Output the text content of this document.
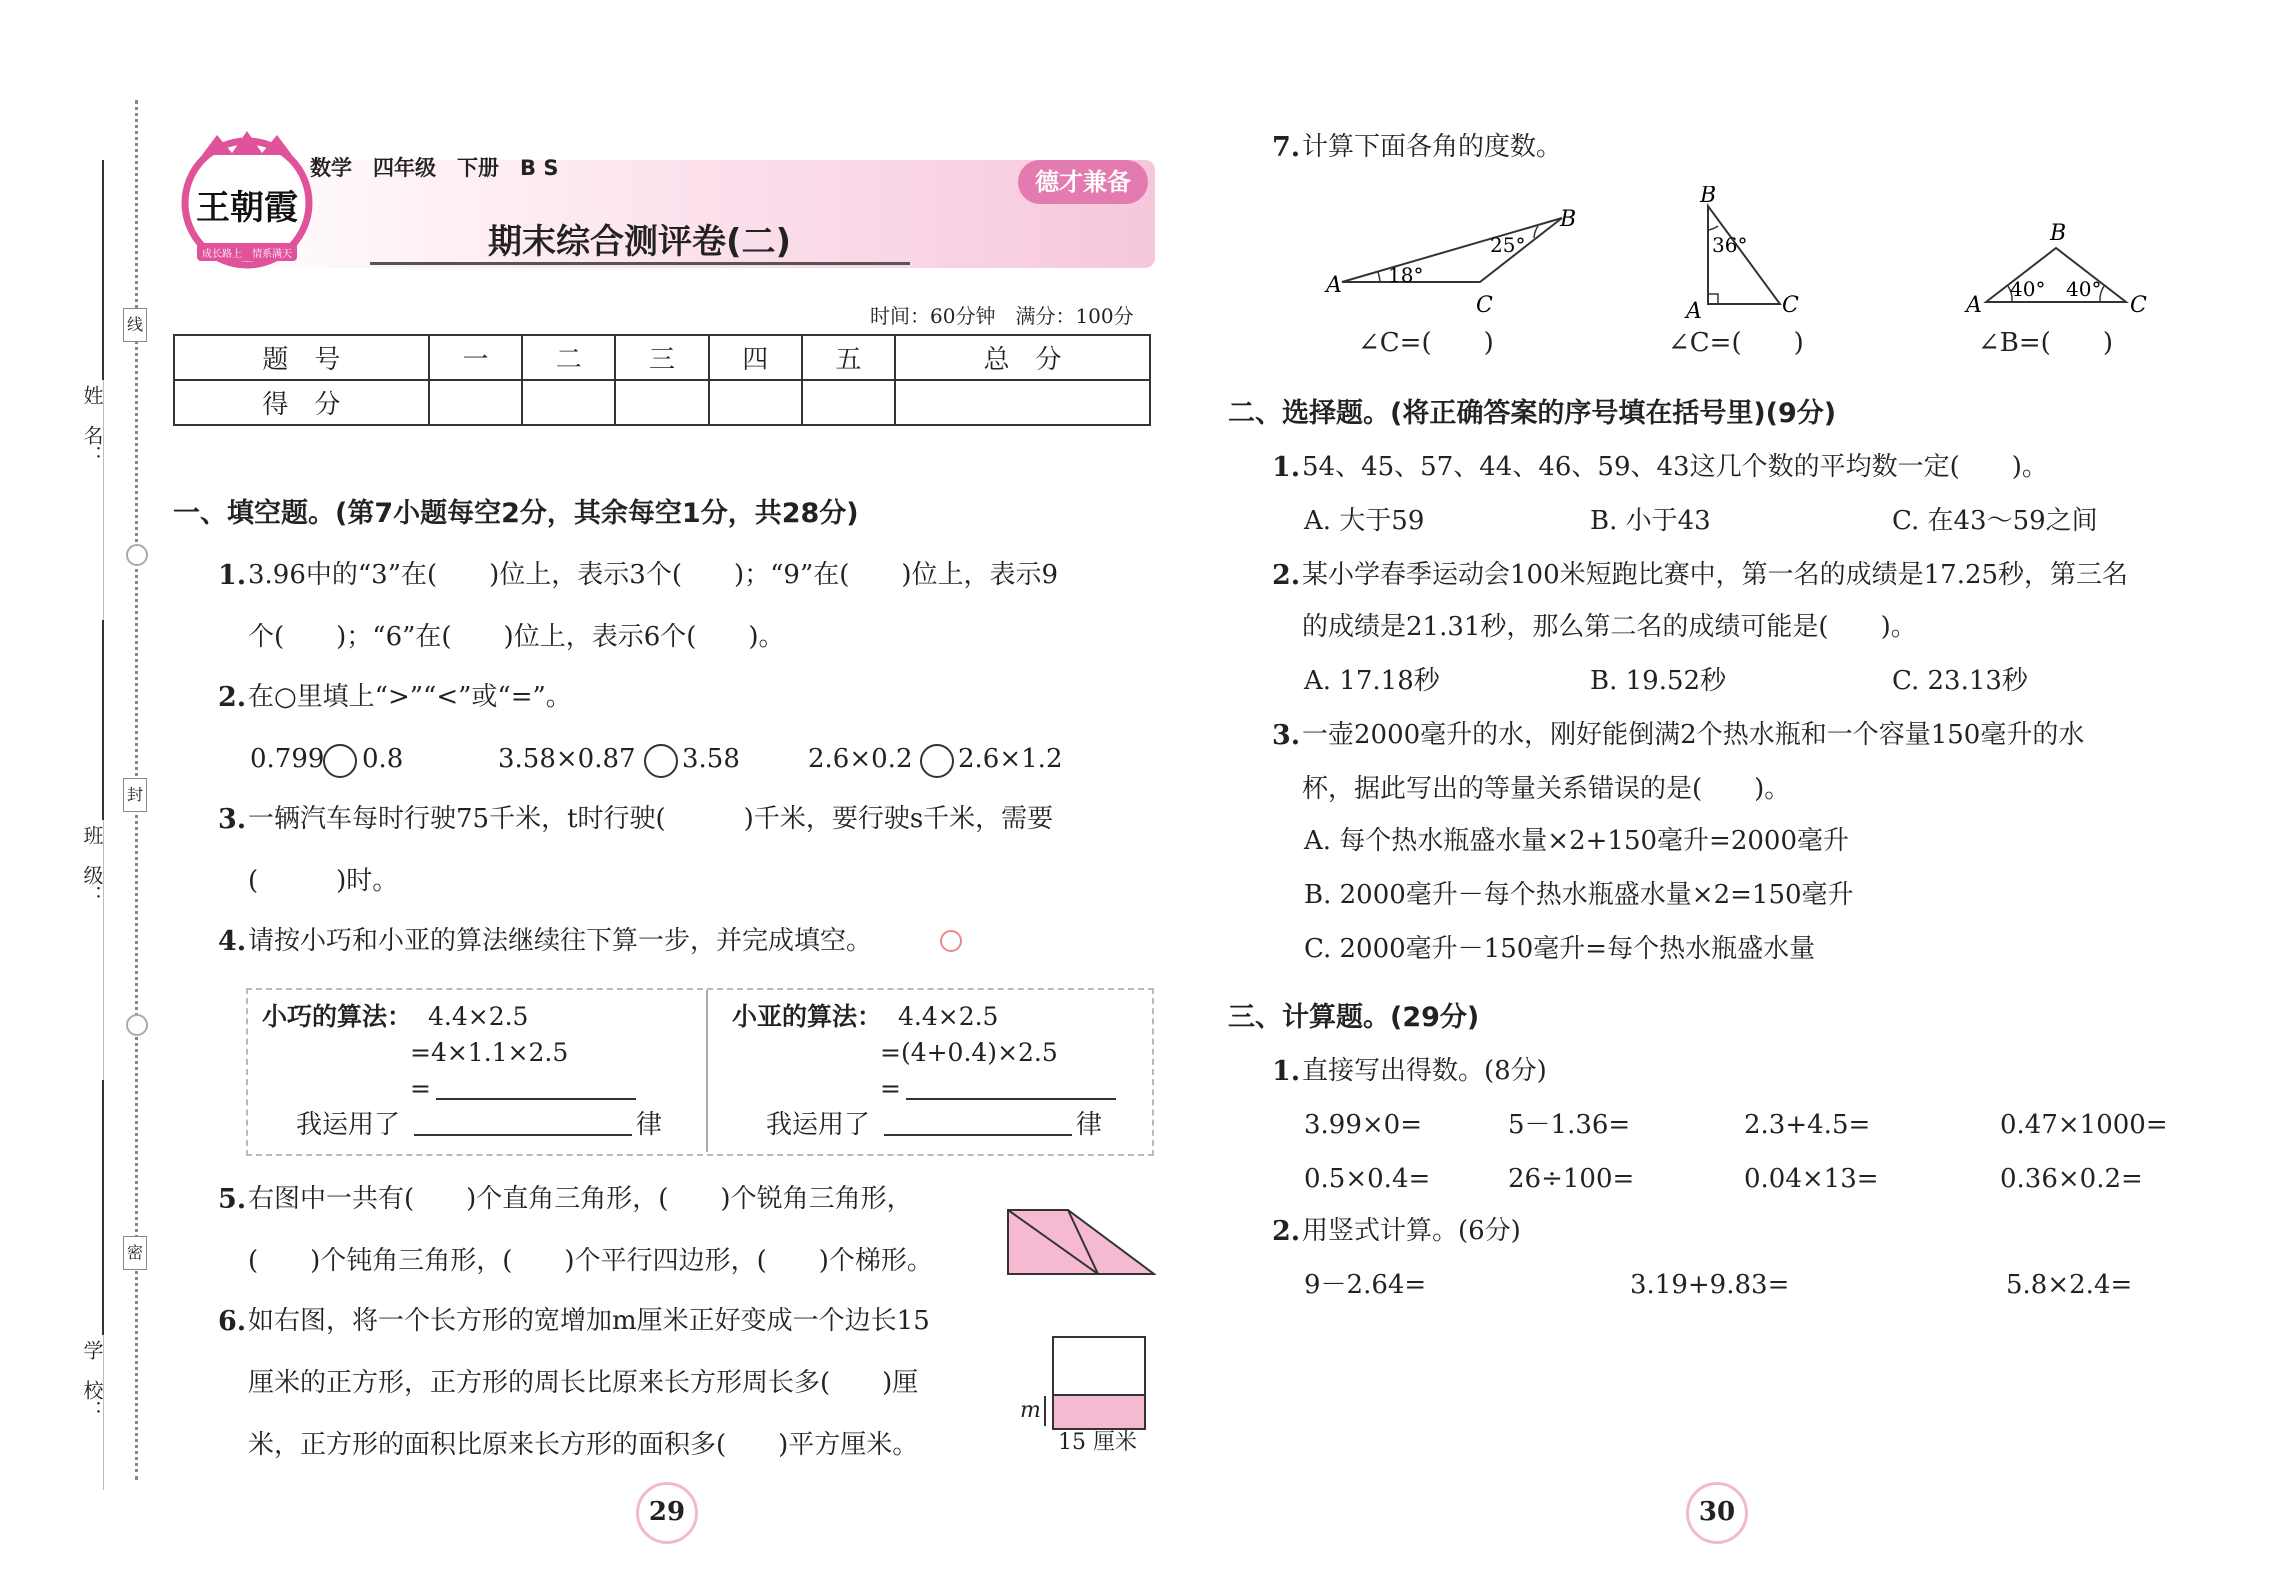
姓　名：
班　级：
学　校：
线
封
密
王朝霞
成长路上　情系满天
数学　四年级　下册　B S	德才兼备
期末综合测评卷(二)
时间：60分钟　满分：100分
题　号	一	二	三	四	五	总　分
得　分						
一、填空题。(第7小题每空2分，其余每空1分，共28分)
1. 3.96中的“3”在(　　)位上，表示3个(　　)；“9”在(　　)位上，表示9
个(　　)；“6”在(　　)位上，表示6个(　　)。
2. 在○里填上“>”“<”或“=”。
0.799 0.8	3.58×0.87 3.58	2.6×0.2 2.6×1.2
3. 一辆汽车每时行驶75千米，t时行驶(　　　)千米，要行驶s千米，需要
(　　　)时。
4. 请按小巧和小亚的算法继续往下算一步，并完成填空。
小巧的算法： 4.4×2.5
=4×1.1×2.5
=
我运用了	律
小亚的算法： 4.4×2.5
=(4+0.4)×2.5
=
我运用了	律
5. 右图中一共有(　　)个直角三角形，(　　)个锐角三角形，
(　　)个钝角三角形，(　　)个平行四边形，(　　)个梯形。
6. 如右图，将一个长方形的宽增加m厘米正好变成一个边长15
厘米的正方形，正方形的周长比原来长方形周长多(　　)厘
米，正方形的面积比原来长方形的面积多(　　)平方厘米。
m
15 厘米
29
7. 计算下面各角的度数。
A
B
C
18°
25°
∠C=(　　)
B
A	C
36°
∠C=(　　)
B
A	C
40° 40°
∠B=(　　)
二、选择题。(将正确答案的序号填在括号里)(9分)
1. 54、45、57、44、46、59、43这几个数的平均数一定(　　)。
A. 大于59	B. 小于43	C. 在43～59之间
2. 某小学春季运动会100米短跑比赛中，第一名的成绩是17.25秒，第三名
的成绩是21.31秒，那么第二名的成绩可能是(　　)。
A. 17.18秒	B. 19.52秒	C. 23.13秒
3. 一壶2000毫升的水，刚好能倒满2个热水瓶和一个容量150毫升的水
杯，据此写出的等量关系错误的是(　　)。
A. 每个热水瓶盛水量×2+150毫升=2000毫升
B. 2000毫升－每个热水瓶盛水量×2=150毫升
C. 2000毫升－150毫升=每个热水瓶盛水量
三、计算题。(29分)
1. 直接写出得数。(8分)
3.99×0=	5－1.36=	2.3+4.5=	0.47×1000=
0.5×0.4=	26÷100=	0.04×13=	0.36×0.2=
2. 用竖式计算。(6分)
9－2.64=	3.19+9.83=	5.8×2.4=
30
